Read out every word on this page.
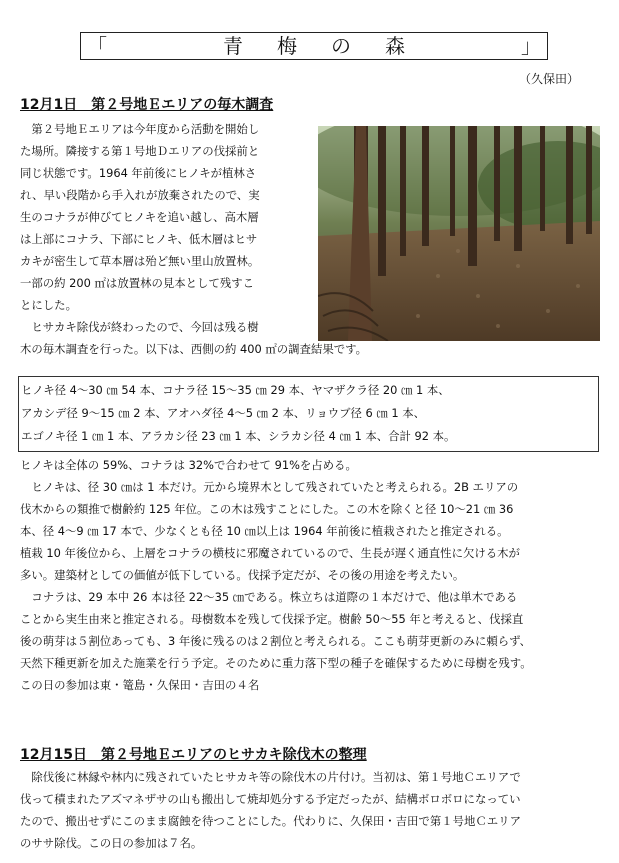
「	青梅の森	」
（久保田）
12月1日　第２号地Ｅエリアの毎木調査

　第２号地Ｅエリアは今年度から活動を開始し

た場所。隣接する第１号地Ｄエリアの伐採前と

同じ状態です。1964 年前後にヒノキが植林さ

れ、早い段階から手入れが放棄されたので、実

生のコナラが伸びてヒノキを追い越し、高木層

は上部にコナラ、下部にヒノキ、低木層はヒサ

カキが密生して草本層は殆ど無い里山放置林。

一部の約 200 ㎡は放置林の見本として残すこ

とにした。

　ヒサカキ除伐が終わったので、今回は残る樹

木の毎木調査を行った。以下は、西側の約 400 ㎡の調査結果です。

ヒノキ径 4～30 ㎝ 54 本、コナラ径 15～35 ㎝ 29 本、ヤマザクラ径 20 ㎝ 1 本、

アカシデ径 9～15 ㎝ 2 本、アオハダ径 4～5 ㎝ 2 本、リョウブ径 6 ㎝ 1 本、

エゴノキ径 1 ㎝ 1 本、アラカシ径 23 ㎝ 1 本、シラカシ径 4 ㎝ 1 本、合計 92 本。

ヒノキは全体の 59%、コナラは 32%で合わせて 91%を占める。

　ヒノキは、径 30 ㎝は 1 本だけ。元から境界木として残されていたと考えられる。2B エリアの

伐木からの類推で樹齢約 125 年位。この木は残すことにした。この木を除くと径 10～21 ㎝ 36

本、径 4～9 ㎝ 17 本で、少なくとも径 10 ㎝以上は 1964 年前後に植栽されたと推定される。

植栽 10 年後位から、上層をコナラの横枝に邪魔されているので、生長が遅く通直性に欠ける木が

多い。建築材としての価値が低下している。伐採予定だが、その後の用途を考えたい。

　コナラは、29 本中 26 本は径 22～35 ㎝である。株立ちは道際の１本だけで、他は単木である

ことから実生由来と推定される。母樹数本を残して伐採予定。樹齢 50～55 年と考えると、伐採直

後の萌芽は５割位あっても、3 年後に残るのは２割位と考えられる。ここも萌芽更新のみに頼らず、

天然下種更新を加えた施業を行う予定。そのために重力落下型の種子を確保するために母樹を残す。

この日の参加は東・篭島・久保田・吉田の４名

12月15日　第２号地Ｅエリアのヒサカキ除伐木の整理

　除伐後に林縁や林内に残されていたヒサカキ等の除伐木の片付け。当初は、第１号地Ｃエリアで

伐って積まれたアズマネザサの山も搬出して焼却処分する予定だったが、結構ボロボロになってい

たので、搬出せずにこのまま腐蝕を待つことにした。代わりに、久保田・吉田で第１号地Ｃエリア

のササ除伐。この日の参加は７名。
